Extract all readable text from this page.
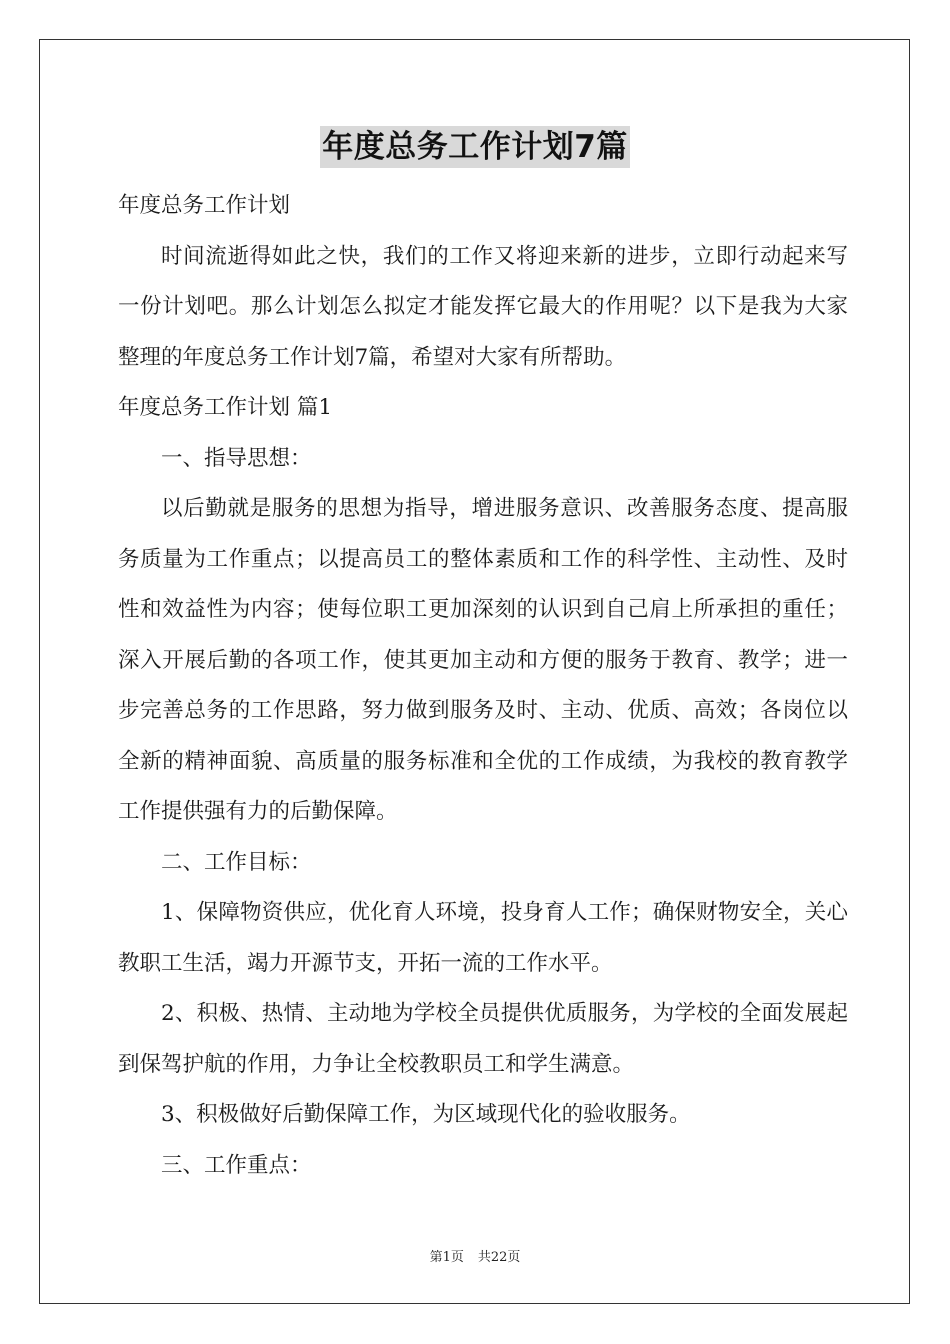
年度总务工作计划7篇

年度总务工作计划

时间流逝得如此之快，我们的工作又将迎来新的进步，立即行动起来写一份计划吧。那么计划怎么拟定才能发挥它最大的作用呢？以下是我为大家整理的年度总务工作计划7篇，希望对大家有所帮助。

年度总务工作计划 篇1

一、指导思想：

以后勤就是服务的思想为指导，增进服务意识、改善服务态度、提高服务质量为工作重点；以提高员工的整体素质和工作的科学性、主动性、及时性和效益性为内容；使每位职工更加深刻的认识到自己肩上所承担的重任；深入开展后勤的各项工作，使其更加主动和方便的服务于教育、教学；进一步完善总务的工作思路，努力做到服务及时、主动、优质、高效；各岗位以全新的精神面貌、高质量的服务标准和全优的工作成绩，为我校的教育教学工作提供强有力的后勤保障。

二、工作目标：

1、保障物资供应，优化育人环境，投身育人工作；确保财物安全，关心教职工生活，竭力开源节支，开拓一流的工作水平。

2、积极、热情、主动地为学校全员提供优质服务，为学校的全面发展起到保驾护航的作用，力争让全校教职员工和学生满意。

3、积极做好后勤保障工作，为区域现代化的验收服务。

三、工作重点：

第1页 共22页
